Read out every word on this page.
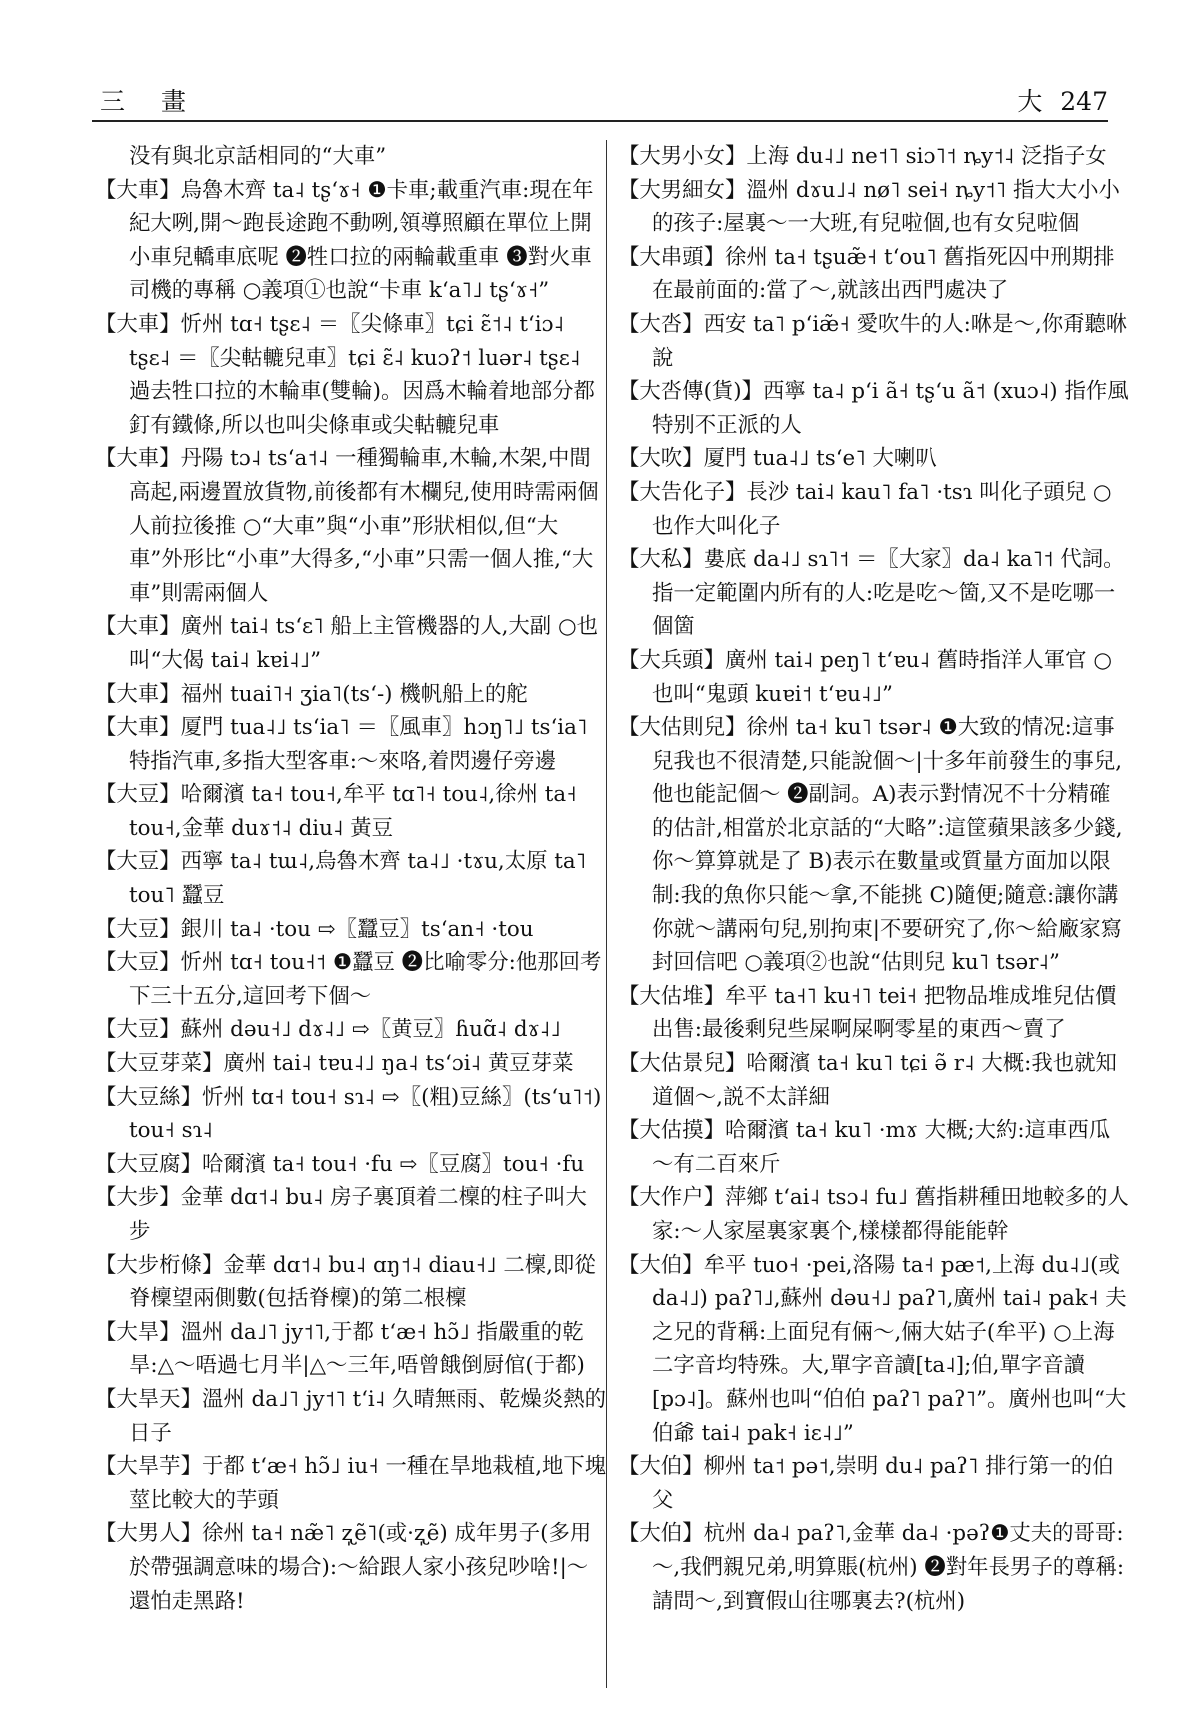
三 畫	大 247
没有與北京話相同的“大車”
【大車】烏魯木齊 ta˨ tʂʻɤ˧ ❶卡車;載重汽車:現在年紀大咧,開～跑長途跑不動咧,領導照顧在單位上開小車兒轎車底呢 ❷牲口拉的兩輪載重車 ❸對火車司機的專稱 ○義項①也說“卡車 kʻa˥˩ tʂʻɤ˧”
【大車】忻州 tɑ˧ tʂɛ˨ ＝〖尖條車〗tɕi ɛ̃˦˨ tʻiɔ˨ tʂɛ˨ ＝〖尖軲轆兒車〗tɕi ɛ̃˨ kuɔʔ˦ luər˨ tʂɛ˨ 過去牲口拉的木輪車(雙輪)。因爲木輪着地部分都釘有鐵條,所以也叫尖條車或尖軲轆兒車
【大車】丹陽 tɔ˨ tsʻa˦˨ 一種獨輪車,木輪,木架,中間高起,兩邊置放貨物,前後都有木欄兒,使用時需兩個人前拉後推 ○“大車”與“小車”形狀相似,但“大車”外形比“小車”大得多,“小車”只需一個人推,“大車”則需兩個人
【大車】廣州 tai˨ tsʻɛ˥ 船上主管機器的人,大副 ○也叫“大偈 tai˨ kɐi˨˩”
【大車】福州 tuai˥˧ ʒia˥(tsʻ-) 機帆船上的舵
【大車】厦門 tua˨˩ tsʻia˥ ＝〖風車〗hɔŋ˥˩ tsʻia˥ 特指汽車,多指大型客車:～來咯,着閃邊仔旁邊
【大豆】哈爾濱 ta˧ tou˧,牟平 tɑ˥˧ tou˨,徐州 ta˧ tou˧,金華 duɤ˦˨ diu˨ 黃豆
【大豆】西寧 ta˨ tɯ˨,烏魯木齊 ta˨˩ ·tɤu,太原 ta˥ tou˥ 蠶豆
【大豆】銀川 ta˨ ·tou ⇨〖蠶豆〗tsʻan˧ ·tou
【大豆】忻州 tɑ˧ tou˧˦ ❶蠶豆 ❷比喻零分:他那回考下三十五分,這回考下個～
【大豆】蘇州 dəu˧˩ dɤ˨˩ ⇨〖黄豆〗ɦuɑ̃˨ dɤ˨˩
【大豆芽菜】廣州 tai˨ tɐu˨˩ ŋa˨ tsʻɔi˨ 黄豆芽菜
【大豆絲】忻州 tɑ˧ tou˧ sɿ˨ ⇨〖(粗)豆絲〗(tsʻu˥˦) tou˧ sɿ˨
【大豆腐】哈爾濱 ta˧ tou˧ ·fu ⇨〖豆腐〗tou˧ ·fu
【大步】金華 dɑ˦˨ bu˨ 房子裏頂着二檁的柱子叫大步
【大步桁條】金華 dɑ˦˨ bu˨ ɑŋ˦˨ diau˧˩ 二檁,即從脊檁望兩側數(包括脊檁)的第二根檁
【大旱】溫州 da˩˥ jy˦˥,于都 tʻæ˧ hɔ̃˩ 指嚴重的乾旱:△～唔過七月半|△～三年,唔曾餓倒厨倌(于都)
【大旱天】溫州 da˩˥ jy˦˥ tʻi˨ 久晴無雨、乾燥炎熱的日子
【大旱芋】于都 tʻæ˧ hɔ̃˩ iu˧ 一種在旱地栽植,地下塊莖比較大的芋頭
【大男人】徐州 ta˧ næ̃˥ ʐ̩ẽ˥(或·ʐ̩ẽ) 成年男子(多用於帶强調意味的場合):～給跟人家小孩兒吵啥!|～還怕走黑路!
【大男小女】上海 du˨˩ ne˦˥ siɔ˥˦ ȵy˦˨ 泛指子女
【大男細女】溫州 dɤu˩˨ nø˥ sei˧ ȵy˦˥ 指大大小小的孩子:屋裏～一大班,有兒啦個,也有女兒啦個
【大串頭】徐州 ta˧ tʂuæ̃˧ tʻou˥ 舊指死囚中刑期排在最前面的:當了～,就該出西門處决了
【大呇】西安 ta˥ pʻiæ̃˧ 愛吹牛的人:咻是～,你甭聽咻說
【大呇傳(貨)】西寧 ta˨ pʻi ã˧ tʂʻu ã˦ (xuɔ˨) 指作風特别不正派的人
【大吹】厦門 tua˨˩ tsʻe˥ 大喇叭
【大告化子】長沙 tai˨ kau˥ fa˥ ·tsɿ 叫化子頭兒 ○也作大叫化子
【大私】婁底 da˨˩ sɿ˥˦ ＝〖大家〗da˨ ka˥˦ 代詞。指一定範圍内所有的人:吃是吃～箇,又不是吃哪一個箇
【大兵頭】廣州 tai˨ peŋ˥ tʻɐu˨ 舊時指洋人軍官 ○也叫“鬼頭 kuɐi˦ tʻɐu˨˩”
【大估則兒】徐州 ta˧ ku˥ tsər˨ ❶大致的情况:這事兒我也不很清楚,只能說個～|十多年前發生的事兒,他也能記個～ ❷副詞。A)表示對情况不十分精確的估計,相當於北京話的“大略”:這筐蘋果該多少錢,你～算算就是了 B)表示在數量或質量方面加以限制:我的魚你只能～拿,不能挑 C)隨便;隨意:讓你講你就～講兩句兒,别拘束|不要研究了,你～給廠家寫封回信吧 ○義項②也說“估則兒 ku˥ tsər˨”
【大估堆】牟平 ta˧˥ ku˧˥ tei˧ 把物品堆成堆兒估價出售:最後剩兒些屎啊屎啊零星的東西～賣了
【大估景兒】哈爾濱 ta˧ ku˥ tɕi ə̃ r˨ 大概:我也就知道個～,説不太詳細
【大估摸】哈爾濱 ta˧ ku˥ ·mɤ 大概;大約:這車西瓜～有二百來斤
【大作户】萍鄉 tʻai˨ tsɔ˨ fu˩ 舊指耕種田地較多的人家:～人家屋裏家裏个,樣樣都得能能幹
【大伯】牟平 tuo˧ ·pei,洛陽 ta˧ pæ˦,上海 du˨˩(或 da˨˩) paʔ˥˩,蘇州 dəu˧˩ paʔ˥,廣州 tai˨ pak˧ 夫之兄的背稱:上面兒有倆～,倆大姑子(牟平) ○上海二字音均特殊。大,單字音讀[ta˨];伯,單字音讀[pɔ˨]。蘇州也叫“伯伯 paʔ˥ paʔ˥”。廣州也叫“大伯爺 tai˨ pak˧ iɛ˨˩”
【大伯】柳州 ta˦ pə˦,崇明 du˨ paʔ˥ 排行第一的伯父
【大伯】杭州 da˨ paʔ˥,金華 da˨ ·pəʔ❶丈夫的哥哥:～,我們親兄弟,明算賬(杭州) ❷對年長男子的尊稱:請問～,到寶假山往哪裏去?(杭州)
